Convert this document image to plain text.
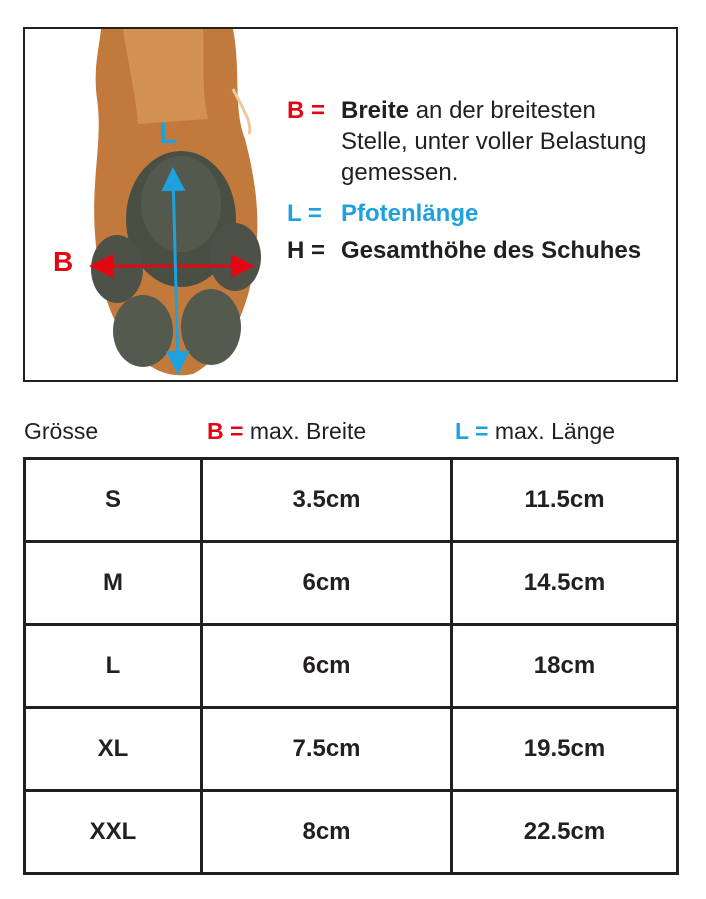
L
B
B = Breite an der breitesten Stelle, unter voller Belastung gemessen.
L = Pfotenlänge
H = Gesamthöhe des Schuhes
Grösse	B = max. Breite	L = max. Länge
S	3.5cm	11.5cm
M	6cm	14.5cm
L	6cm	18cm
XL	7.5cm	19.5cm
XXL	8cm	22.5cm
